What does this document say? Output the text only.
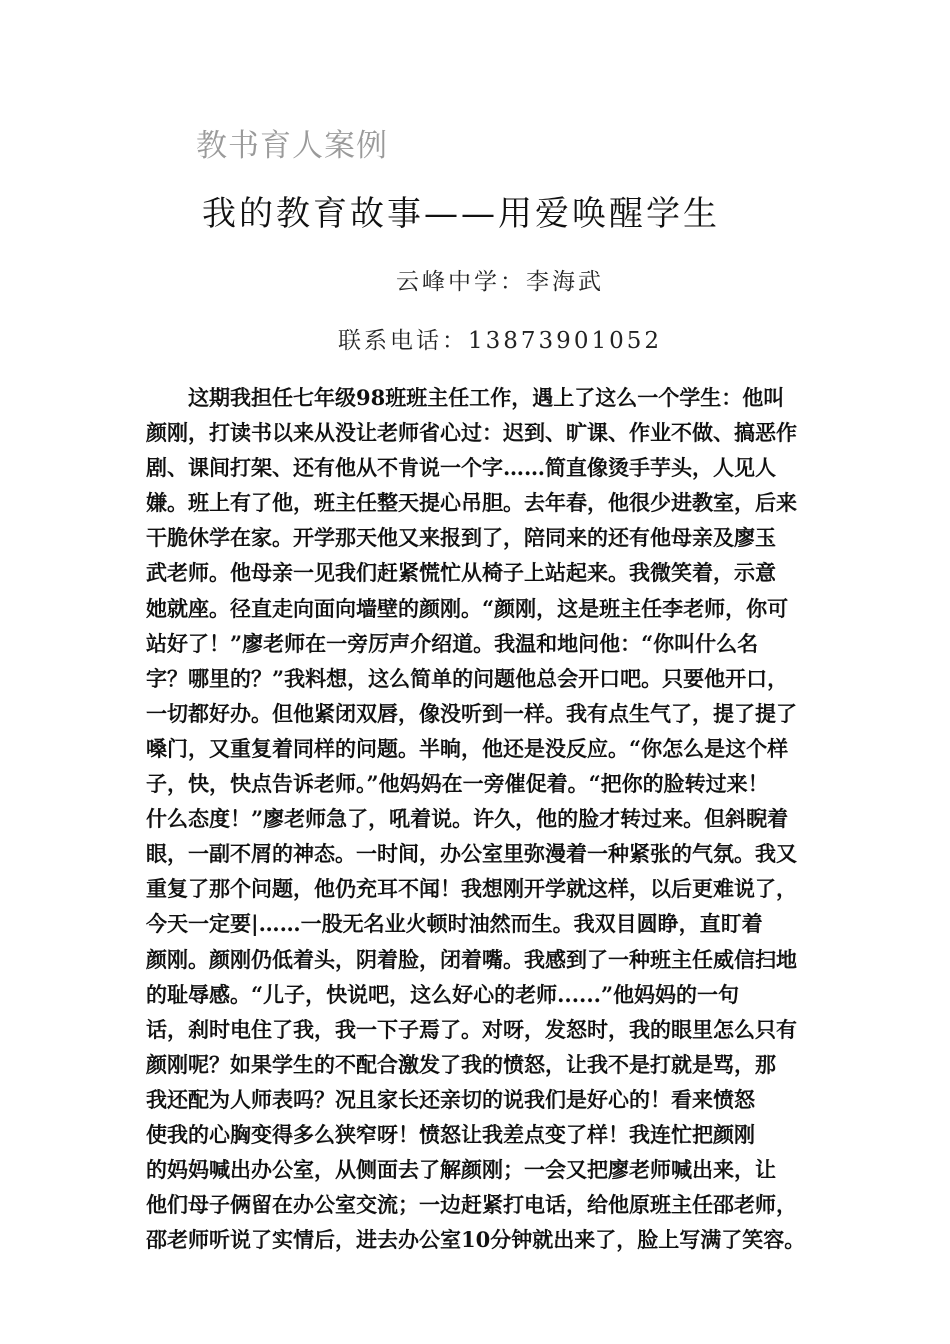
教书育人案例
我的教育故事——用爱唤醒学生
云峰中学：李海武
联系电话：13873901052
这期我担任七年级98班班主任工作，遇上了这么一个学生：他叫
颜刚，打读书以来从没让老师省心过：迟到、旷课、作业不做、搞恶作
剧、课间打架、还有他从不肯说一个字……简直像烫手芋头，人见人
嫌。班上有了他，班主任整天提心吊胆。去年春，他很少进教室，后来
干脆休学在家。开学那天他又来报到了，陪同来的还有他母亲及廖玉
武老师。他母亲一见我们赶紧慌忙从椅子上站起来。我微笑着，示意
她就座。径直走向面向墙壁的颜刚。“颜刚，这是班主任李老师，你可
站好了！”廖老师在一旁厉声介绍道。我温和地问他：“你叫什么名
字？哪里的？”我料想，这么简单的问题他总会开口吧。只要他开口，
一切都好办。但他紧闭双唇，像没听到一样。我有点生气了，提了提了
嗓门，又重复着同样的问题。半晌，他还是没反应。“你怎么是这个样
子，快，快点告诉老师。”他妈妈在一旁催促着。“把你的脸转过来！
什么态度！”廖老师急了，吼着说。许久，他的脸才转过来。但斜睨着
眼，一副不屑的神态。一时间，办公室里弥漫着一种紧张的气氛。我又
重复了那个问题，他仍充耳不闻！我想刚开学就这样，以后更难说了，
今天一定要|……一股无名业火顿时油然而生。我双目圆睁，直盯着
颜刚。颜刚仍低着头，阴着脸，闭着嘴。我感到了一种班主任威信扫地
的耻辱感。“儿子，快说吧，这么好心的老师......”他妈妈的一句
话，刹时电住了我，我一下子焉了。对呀，发怒时，我的眼里怎么只有
颜刚呢？如果学生的不配合激发了我的愤怒，让我不是打就是骂，那
我还配为人师表吗？况且家长还亲切的说我们是好心的！看来愤怒
使我的心胸变得多么狭窄呀！愤怒让我差点变了样！我连忙把颜刚
的妈妈喊出办公室，从侧面去了解颜刚；一会又把廖老师喊出来，让
他们母子俩留在办公室交流；一边赶紧打电话，给他原班主任邵老师，
邵老师听说了实情后，进去办公室10分钟就出来了，脸上写满了笑容。
